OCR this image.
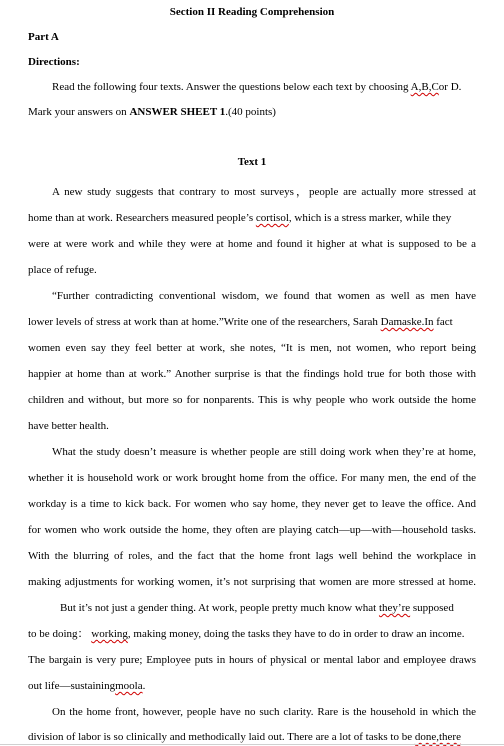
Section II Reading Comprehension
Part A
Directions:
Read the following four texts. Answer the questions below each text by choosing A,B,Cor D.
Mark your answers on ANSWER SHEET 1.(40 points)
Text 1
A new study suggests that contrary to most surveys，people are actually more stressed at
home than at work. Researchers measured people’s cortisol, which is a stress marker, while they
were at were work and while they were at home and found it higher at what is supposed to be a
place of refuge.
“Further contradicting conventional wisdom, we found that women as well as men have
lower levels of stress at work than at home.”Write one of the researchers, Sarah Damaske.In fact
women even say they feel better at work, she notes, “It is men, not women, who report being
happier at home than at work.” Another surprise is that the findings hold true for both those with
children and without, but more so for nonparents. This is why people who work outside the home
have better health.
What the study doesn’t measure is whether people are still doing work when they’re at home,
whether it is household work or work brought home from the office. For many men, the end of the
workday is a time to kick back. For women who say home, they never get to leave the office. And
for women who work outside the home, they often are playing catch—up—with—household tasks.
With the blurring of roles, and the fact that the home front lags well behind the workplace in
making adjustments for working women, it’s not surprising that women are more stressed at home.
But it’s not just a gender thing. At work, people pretty much know what they’re supposed
to be doing： working, making money, doing the tasks they have to do in order to draw an income.
The bargain is very pure; Employee puts in hours of physical or mental labor and employee draws
out life—sustainingmoola.
On the home front, however, people have no such clarity. Rare is the household in which the
division of labor is so clinically and methodically laid out. There are a lot of tasks to be done,there
